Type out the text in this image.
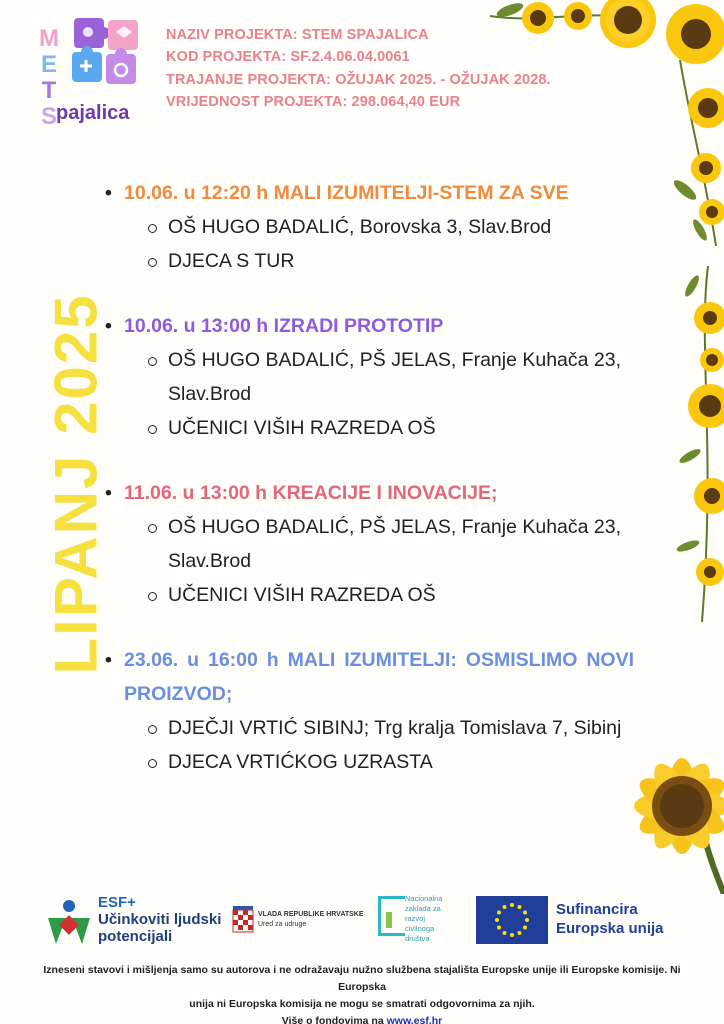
M
E
T
S pajalica
NAZIV PROJEKTA: STEM SPAJALICA
KOD PROJEKTA: SF.2.4.06.04.0061
TRAJANJE PROJEKTA: OŽUJAK 2025. - OŽUJAK 2028.
VRIJEDNOST PROJEKTA: 298.064,40 EUR
LIPANJ 2025
• 10.06. u 12:20 h MALI IZUMITELJI-STEM ZA SVE
OŠ HUGO BADALIĆ, Borovska 3, Slav.Brod
DJECA S TUR
• 10.06. u 13:00 h IZRADI PROTOTIP
OŠ HUGO BADALIĆ, PŠ JELAS, Franje Kuhača 23, Slav.Brod
UČENICI VIŠIH RAZREDA OŠ
• 11.06. u 13:00 h KREACIJE I INOVACIJE;
OŠ HUGO BADALIĆ, PŠ JELAS, Franje Kuhača 23, Slav.Brod
UČENICI VIŠIH RAZREDA OŠ
• 23.06. u 16:00 h MALI IZUMITELJI: OSMISLIMO NOVI PROIZVOD;
DJEČJI VRTIĆ SIBINJ; Trg kralja Tomislava 7, Sibinj
DJECA VRTIĆKOG UZRASTA
ESF+
Učinkoviti ljudski
potencijali
VLADA REPUBLIKE HRVATSKE
Ured za udruge
Nacionalna
zaklada za
razvoj
civilnoga
društva
Sufinancira
Europska unija
Izneseni stavovi i mišljenja samo su autorova i ne odražavaju nužno službena stajališta Europske unije ili Europske komisije. Ni Europska
unija ni Europska komisija ne mogu se smatrati odgovornima za njih.
Više o fondovima na www.esf.hr
